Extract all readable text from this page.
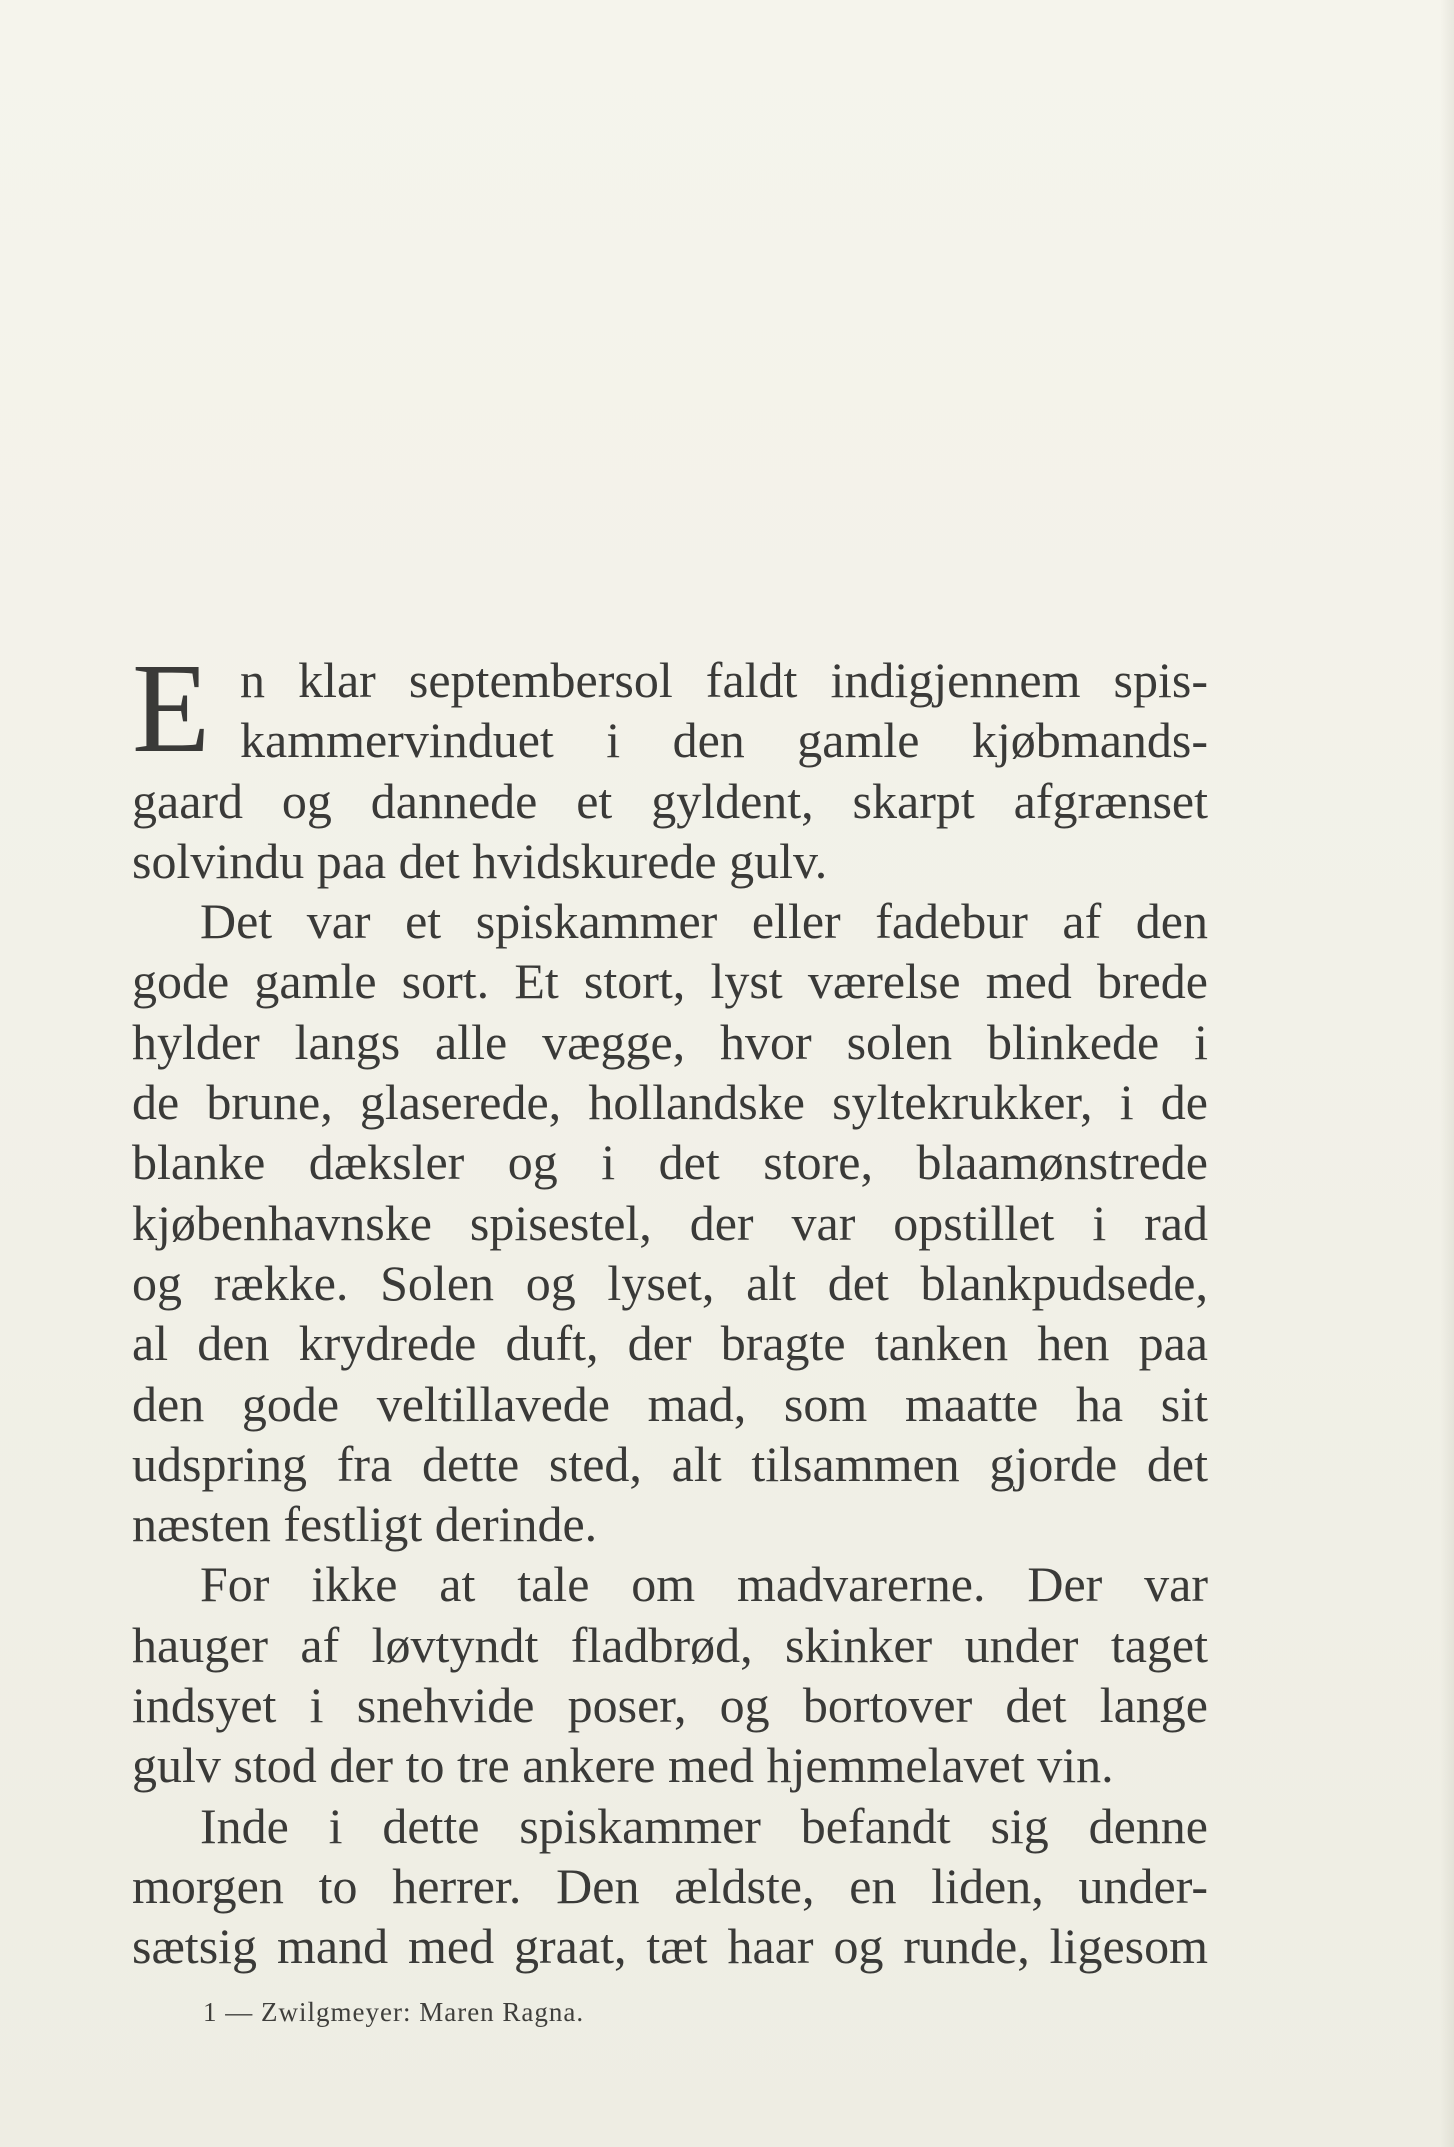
E n klar septembersol faldt indigjennem spis-
kammervinduet i den gamle kjøbmands-
gaard og dannede et gyldent, skarpt afgrænset
solvindu paa det hvidskurede gulv.
Det var et spiskammer eller fadebur af den
gode gamle sort. Et stort, lyst værelse med brede
hylder langs alle vægge, hvor solen blinkede i
de brune, glaserede, hollandske syltekrukker, i de
blanke dæksler og i det store, blaamønstrede
kjøbenhavnske spisestel, der var opstillet i rad
og række. Solen og lyset, alt det blankpudsede,
al den krydrede duft, der bragte tanken hen paa
den gode veltillavede mad, som maatte ha sit
udspring fra dette sted, alt tilsammen gjorde det
næsten festligt derinde.
For ikke at tale om madvarerne. Der var
hauger af løvtyndt fladbrød, skinker under taget
indsyet i snehvide poser, og bortover det lange
gulv stod der to tre ankere med hjemmelavet vin.
Inde i dette spiskammer befandt sig denne
morgen to herrer. Den ældste, en liden, under-
sætsig mand med graat, tæt haar og runde, ligesom
1 — Zwilgmeyer: Maren Ragna.
